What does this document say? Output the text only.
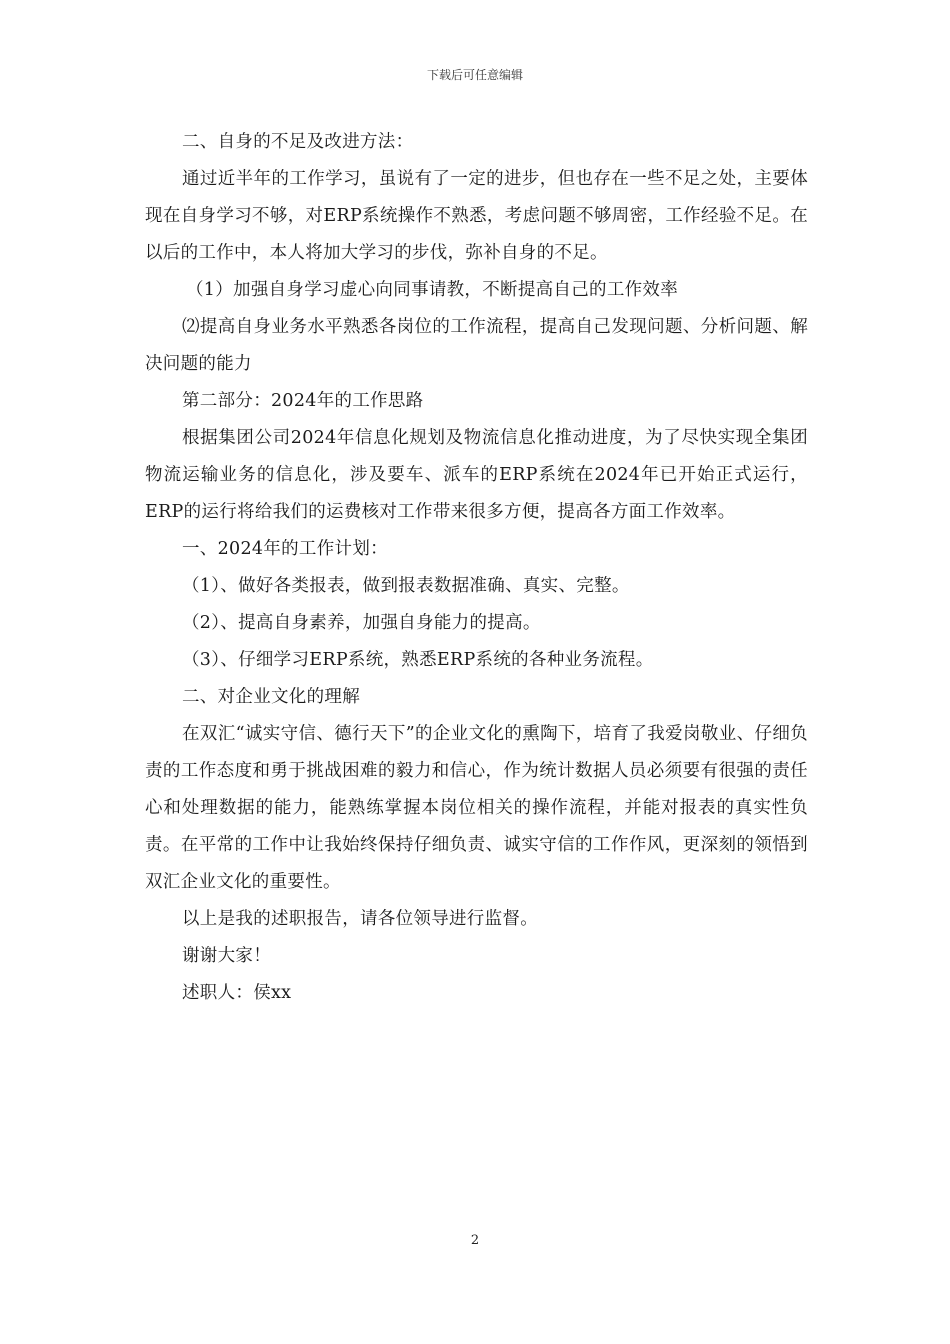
下载后可任意编辑

二、自身的不足及改进方法：

通过近半年的工作学习，虽说有了一定的进步，但也存在一些不足之处，主要体现在自身学习不够，对ERP系统操作不熟悉，考虑问题不够周密，工作经验不足。在以后的工作中，本人将加大学习的步伐，弥补自身的不足。

（1）加强自身学习虚心向同事请教，不断提高自己的工作效率

⑵提高自身业务水平熟悉各岗位的工作流程，提高自己发现问题、分析问题、解决问题的能力

第二部分：2024年的工作思路

根据集团公司2024年信息化规划及物流信息化推动进度，为了尽快实现全集团物流运输业务的信息化，涉及要车、派车的ERP系统在2024年已开始正式运行，ERP的运行将给我们的运费核对工作带来很多方便，提高各方面工作效率。

一、2024年的工作计划：

（1）、做好各类报表，做到报表数据准确、真实、完整。

（2）、提高自身素养，加强自身能力的提高。

（3）、仔细学习ERP系统，熟悉ERP系统的各种业务流程。

二、对企业文化的理解

在双汇“诚实守信、德行天下”的企业文化的熏陶下，培育了我爱岗敬业、仔细负责的工作态度和勇于挑战困难的毅力和信心，作为统计数据人员必须要有很强的责任心和处理数据的能力，能熟练掌握本岗位相关的操作流程，并能对报表的真实性负责。在平常的工作中让我始终保持仔细负责、诚实守信的工作作风，更深刻的领悟到双汇企业文化的重要性。

以上是我的述职报告，请各位领导进行监督。

谢谢大家！

述职人：侯xx

2
